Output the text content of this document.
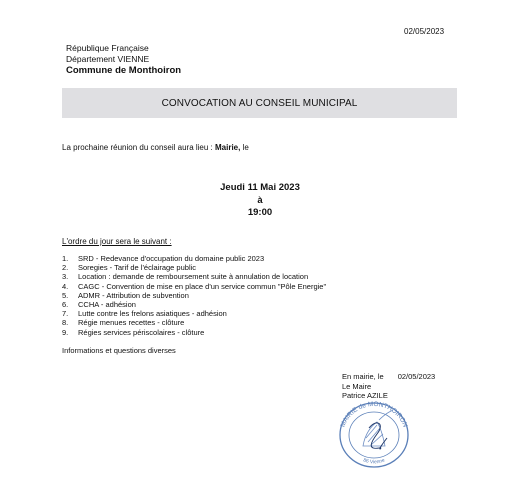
02/05/2023
République Française
Département VIENNE
Commune de Monthoiron
CONVOCATION AU CONSEIL MUNICIPAL
La prochaine réunion du conseil aura lieu : Mairie, le
Jeudi 11 Mai 2023
à
19:00
L'ordre du jour sera le suivant :
1.	SRD - Redevance d'occupation du domaine public 2023
2.	Soregies - Tarif de l'éclairage public
3.	Location : demande de remboursement suite à annulation de location
4.	CAGC - Convention de mise en place d'un service commun "Pôle Energie"
5.	ADMR - Attribution de subvention
6.	CCHA - adhésion
7.	Lutte contre les frelons asiatiques - adhésion
8.	Régie menues recettes - clôture
9.	Régies services périscolaires - clôture
Informations et questions diverses
En mairie, le 02/05/2023
Le Maire
Patrice AZILE
MAIRIE de MONTHOIRON
86 Vienne
